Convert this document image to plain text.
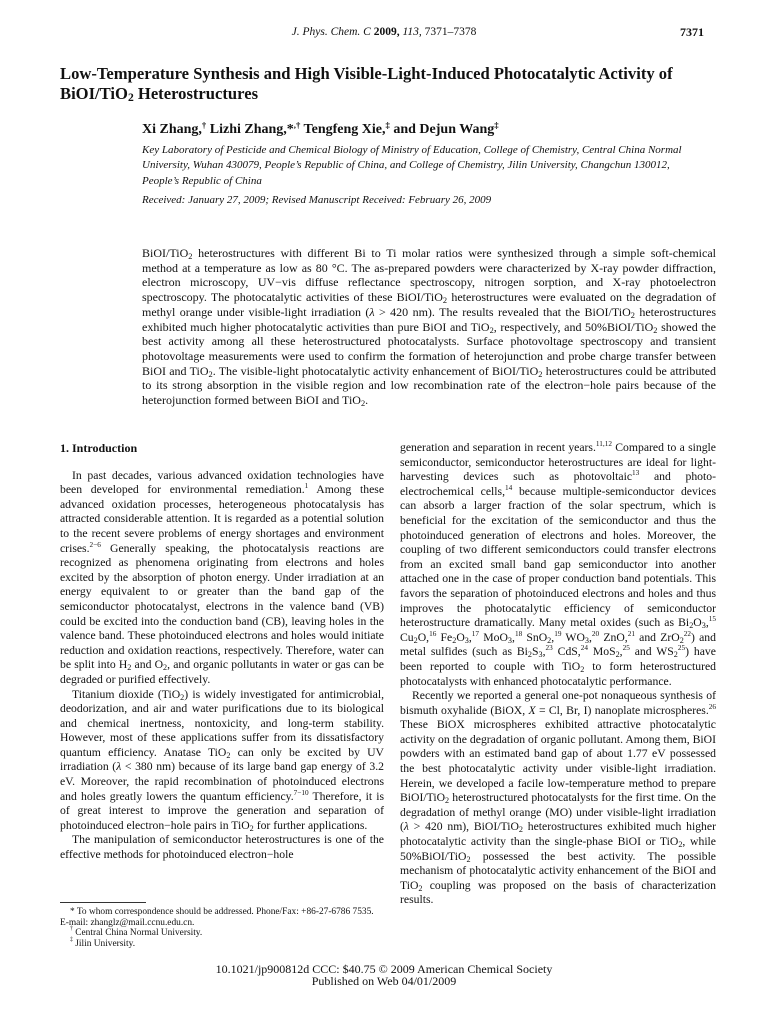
J. Phys. Chem. C 2009, 113, 7371–7378	7371
Low-Temperature Synthesis and High Visible-Light-Induced Photocatalytic Activity of BiOI/TiO$_2$ Heterostructures
Xi Zhang,† Lizhi Zhang,*,† Tengfeng Xie,‡ and Dejun Wang‡
Key Laboratory of Pesticide and Chemical Biology of Ministry of Education, College of Chemistry, Central China Normal University, Wuhan 430079, People’s Republic of China, and College of Chemistry, Jilin University, Changchun 130012, People’s Republic of China
Received: January 27, 2009; Revised Manuscript Received: February 26, 2009
BiOI/TiO$_2$ heterostructures with different Bi to Ti molar ratios were synthesized through a simple soft-chemical method at a temperature as low as 80 °C. The as-prepared powders were characterized by X-ray powder diffraction, electron microscopy, UV−vis diffuse reflectance spectroscopy, nitrogen sorption, and X-ray photoelectron spectroscopy. The photocatalytic activities of these BiOI/TiO$_2$ heterostructures were evaluated on the degradation of methyl orange under visible-light irradiation (λ > 420 nm). The results revealed that the BiOI/TiO$_2$ heterostructures exhibited much higher photocatalytic activities than pure BiOI and TiO$_2$, respectively, and 50%BiOI/TiO$_2$ showed the best activity among all these heterostructured photocatalysts. Surface photovoltage spectroscopy and transient photovoltage measurements were used to confirm the formation of heterojunction and probe charge transfer between BiOI and TiO$_2$. The visible-light photocatalytic activity enhancement of BiOI/TiO$_2$ heterostructures could be attributed to its strong absorption in the visible region and low recombination rate of the electron−hole pairs because of the heterojunction formed between BiOI and TiO$_2$.
1. Introduction

In past decades, various advanced oxidation technologies have been developed for environmental remediation.$^1$ Among these advanced oxidation processes, heterogeneous photocatalysis has attracted considerable attention. It is regarded as a potential solution to the recent severe problems of energy shortages and environment crises.$^{2-6}$ Generally speaking, the photocatalysis reactions are recognized as phenomena originating from electrons and holes excited by the absorption of photon energy. Under irradiation at an energy equivalent to or greater than the band gap of the semiconductor photocatalyst, electrons in the valence band (VB) could be excited into the conduction band (CB), leaving holes in the valence band. These photoinduced electrons and holes would initiate reduction and oxidation reactions, respectively. Therefore, water can be split into $H_2$ and $O_2$, and organic pollutants in water or gas can be degraded or purified effectively.

Titanium dioxide (TiO$_2$) is widely investigated for antimicrobial, deodorization, and air and water purifications due to its biological and chemical inertness, nontoxicity, and long-term stability. However, most of these applications suffer from its dissatisfactory quantum efficiency. Anatase TiO$_2$ can only be excited by UV irradiation (λ < 380 nm) because of its large band gap energy of 3.2 eV. Moreover, the rapid recombination of photoinduced electrons and holes greatly lowers the quantum efficiency.$^{7-10}$ Therefore, it is of great interest to improve the generation and separation of photoinduced electron−hole pairs in TiO$_2$ for further applications.

The manipulation of semiconductor heterostructures is one of the effective methods for photoinduced electron−hole

generation and separation in recent years.$^{11,12}$ Compared to a single semiconductor, semiconductor heterostructures are ideal for light-harvesting devices such as photovoltaic$^{13}$ and photo-electrochemical cells,$^{14}$ because multiple-semiconductor devices can absorb a larger fraction of the solar spectrum, which is beneficial for the excitation of the semiconductor and thus the photoinduced generation of electrons and holes. Moreover, the coupling of two different semiconductors could transfer electrons from an excited small band gap semiconductor into another attached one in the case of proper conduction band potentials. This favors the separation of photoinduced electrons and holes and thus improves the photocatalytic efficiency of semiconductor heterostructure dramatically. Many metal oxides (such as $Bi_2O_3,^{15}$ $Cu_2O,^{16}$ $Fe_2O_3,^{17}$ MoO$_3$,$^{18}$ SnO$_2$,$^{19}$ $WO_3,^{20}$ ZnO,$^{21}$ and ZrO$_2^{22}$) and metal sulfides (such as $Bi_2S_3,^{23}$ CdS,$^{24}$ MoS$_2$,$^{25}$ and $WS_2^{25}$) have been reported to couple with TiO$_2$ to form heterostructured photocatalysts with enhanced photocatalytic performance.

Recently we reported a general one-pot nonaqueous synthesis of bismuth oxyhalide (BiOX, X = Cl, Br, I) nanoplate microspheres.$^{26}$ These BiOX microspheres exhibited attractive photocatalytic activity on the degradation of organic pollutant. Among them, BiOI powders with an estimated band gap of about 1.77 eV possessed the best photocatalytic activity under visible-light irradiation. Herein, we developed a facile low-temperature method to prepare BiOI/TiO$_2$ heterostructured photocatalysts for the first time. On the degradation of methyl orange (MO) under visible-light irradiation (λ > 420 nm), BiOI/TiO$_2$ heterostructures exhibited much higher photocatalytic activity than the single-phase BiOI or TiO$_2$, while 50%BiOI/TiO$_2$ possessed the best activity. The possible mechanism of photocatalytic activity enhancement of the BiOI and TiO$_2$ coupling was proposed on the basis of characterization results.

* To whom correspondence should be addressed. Phone/Fax: +86-27-6786 7535. E-mail: zhanglz@mail.ccnu.edu.cn.
† Central China Normal University.
‡ Jilin University.
10.1021/jp900812d CCC: $40.75 © 2009 American Chemical Society
Published on Web 04/01/2009
